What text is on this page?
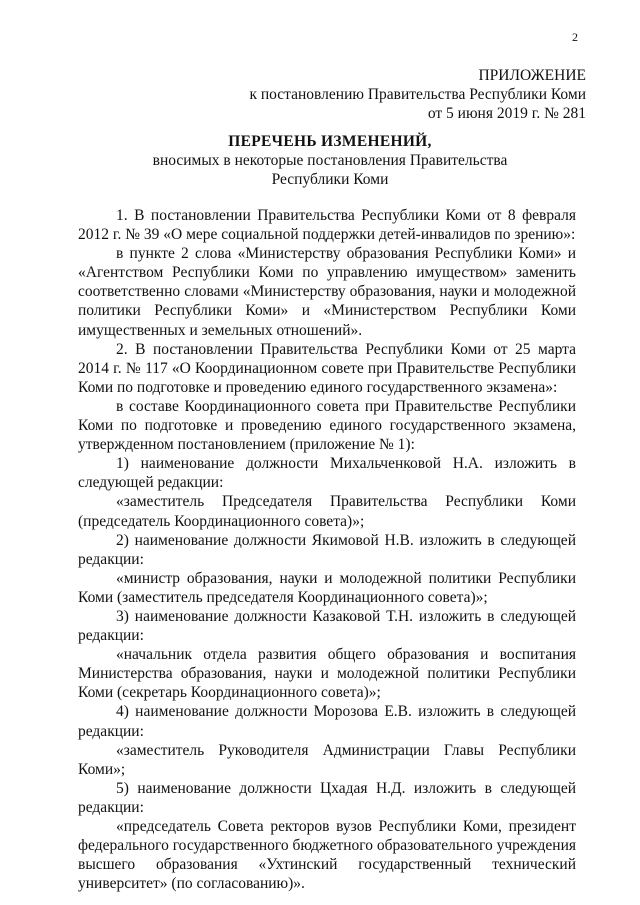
2
ПРИЛОЖЕНИЕ
к постановлению Правительства Республики Коми
от 5 июня 2019 г. № 281
ПЕРЕЧЕНЬ ИЗМЕНЕНИЙ,
вносимых в некоторые постановления Правительства
Республики Коми

1. В постановлении Правительства Республики Коми от 8 февраля 2012 г. № 39 «О мере социальной поддержки детей-инвалидов по зрению»:

в пункте 2 слова «Министерству образования Республики Коми» и «Агентством Республики Коми по управлению имуществом» заменить соответственно словами «Министерству образования, науки и молодежной политики Республики Коми» и «Министерством Республики Коми имущественных и земельных отношений».

2. В постановлении Правительства Республики Коми от 25 марта 2014 г. № 117 «О Координационном совете при Правительстве Республики Коми по подготовке и проведению единого государственного экзамена»:

в составе Координационного совета при Правительстве Республики Коми по подготовке и проведению единого государственного экзамена, утвержденном постановлением (приложение № 1):

1) наименование должности Михальченковой Н.А. изложить в следующей редакции:

«заместитель Председателя Правительства Республики Коми (председатель Координационного совета)»;

2) наименование должности Якимовой Н.В. изложить в следующей редакции:

«министр образования, науки и молодежной политики Республики Коми (заместитель председателя Координационного совета)»;

3) наименование должности Казаковой Т.Н. изложить в следующей редакции:

«начальник отдела развития общего образования и воспитания Министерства образования, науки и молодежной политики Республики Коми (секретарь Координационного совета)»;

4) наименование должности Морозова Е.В. изложить в следующей редакции:

«заместитель Руководителя Администрации Главы Республики Коми»;

5) наименование должности Цхадая Н.Д. изложить в следующей редакции:

«председатель Совета ректоров вузов Республики Коми, президент федерального государственного бюджетного образовательного учреждения высшего образования «Ухтинский государственный технический университет» (по согласованию)».
